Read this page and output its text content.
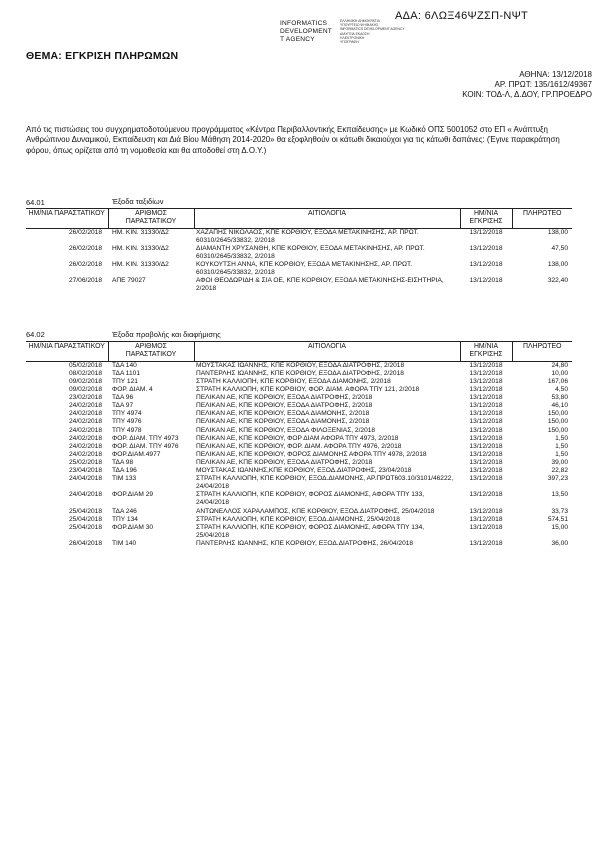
ΑΔΑ: 6ΛΩΞ46ΨΖΣΠ-ΝΨΤ
INFORMATICS
DEVELOPMENT
T AGENCY
ΕΛΛΗΝΙΚΗ ΔΗΜΟΚΡΑΤΙΑ
ΥΠΟΥΡΓΕΙΟ ΨΗΦΙΑΚΗΣ
INFORMATICS DEVELOPMENT AGENCY
ΔΙΑΥΓΕΙΑ ΕΚΔΟΣΗ
ΗΛΕΚΤΡΟΝΙΚΗ
ΥΠΟΓΡΑΦΗ
ΘΕΜΑ: ΕΓΚΡΙΣΗ ΠΛΗΡΩΜΩΝ
ΑΘΗΝΑ: 13/12/2018
ΑΡ. ΠΡΩΤ: 135/1612/49367
ΚΟΙΝ: ΤΟΔ-Λ, Δ.ΔΟΥ, ΓΡ.ΠΡΟΕΔΡΟ
Από τις πιστώσεις του συγχρηματοδοτούμενου προγράμματος «Κέντρα Περιβαλλοντικής Εκπαίδευσης» με Κωδικό ΟΠΣ 5001052 στο ΕΠ « Ανάπτυξη Ανθρώπινου Δυναμικού, Εκπαίδευση και Διά Βίου Μάθηση 2014-2020» θα εξοφληθούν οι κάτωθι δικαιούχοι για τις κάτωθι δαπάνες: (Έγινε παρακράτηση φόρου, όπως ορίζεται από τη νομοθεσία και θα αποδοθεί στη Δ.Ο.Υ.)
64.01	Έξοδα ταξιδίων
ΗΜ/ΝΙΑ ΠΑΡΑΣΤΑΤΙΚΟΥ	ΑΡΙΘΜΟΣ ΠΑΡΑΣΤΑΤΙΚΟΥ	ΑΙΤΙΟΛΟΓΙΑ	ΗΜ/ΝΙΑ ΕΓΚΡΙΣΗΣ	ΠΛΗΡΩΤΕΟ
26/02/2018	ΗΜ. ΚΙΝ. 31330/Δ2	ΧΑΖΑΠΗΣ ΝΙΚΟΛΑΟΣ, ΚΠΕ ΚΟΡΘΙΟΥ, ΕΞΟΔΑ ΜΕΤΑΚΙΝΗΣΗΣ, ΑΡ. ΠΡΩΤ. 60310/2645/33832, 2/2018	13/12/2018	138,00
26/02/2018	ΗΜ. ΚΙΝ. 31330/Δ2	ΔΙΑΜΑΝΤΗ ΧΡΥΣΑΝΘΗ, ΚΠΕ ΚΟΡΘΙΟΥ, ΕΞΟΔΑ ΜΕΤΑΚΙΝΗΣΗΣ, ΑΡ. ΠΡΩΤ. 60310/2645/33832, 2/2018	13/12/2018	47,50
26/02/2018	ΗΜ. ΚΙΝ. 31330/Δ2	ΚΟΥΚΟΥΤΣΗ ΑΝΝΑ, ΚΠΕ ΚΟΡΘΙΟΥ, ΕΞΟΔΑ ΜΕΤΑΚΙΝΗΣΗΣ, ΑΡ. ΠΡΩΤ. 60310/2645/33832, 2/2018	13/12/2018	138,00
27/06/2018	ΑΠΕ 79027	ΑΦΟΙ ΘΕΟΔΩΡΙΔΗ & ΣΙΑ ΟΕ, ΚΠΕ ΚΟΡΘΙΟΥ, ΕΞΟΔΑ ΜΕΤΑΚΙΝΗΣΗΣ-ΕΙΣΗΤΗΡΙΑ, 2/2018	13/12/2018	322,40
64.02	Έξοδα προβολής και διαφήμισης
ΗΜ/ΝΙΑ ΠΑΡΑΣΤΑΤΙΚΟΥ	ΑΡΙΘΜΟΣ ΠΑΡΑΣΤΑΤΙΚΟΥ	ΑΙΤΙΟΛΟΓΙΑ	ΗΜ/ΝΙΑ ΕΓΚΡΙΣΗΣ	ΠΛΗΡΩΤΕΟ
05/02/2018	ΤΔΑ 140	ΜΟΥΣΤΑΚΑΣ ΙΩΑΝΝΗΣ, ΚΠΕ ΚΟΡΘΙΟΥ, ΕΞΟΔΑ ΔΙΑΤΡΟΦΗΣ, 2/2018	13/12/2018	24,80
08/02/2018	ΤΔΑ 1101	ΠΑΝΤΕΡΛΗΣ ΙΩΑΝΝΗΣ, ΚΠΕ ΚΟΡΘΙΟΥ, ΕΞΟΔΑ ΔΙΑΤΡΟΦΗΣ, 2/2018	13/12/2018	10,00
09/02/2018	ΤΠΥ 121	ΣΤΡΑΤΗ ΚΑΛΛΙΟΠΗ, ΚΠΕ ΚΟΡΘΙΟΥ, ΕΞΟΔΑ ΔΙΑΜΟΝΗΣ, 2/2018	13/12/2018	167,06
09/02/2018	ΦΟΡ. ΔΙΑΜ. 4	ΣΤΡΑΤΗ ΚΑΛΛΙΟΠΗ, ΚΠΕ ΚΟΡΘΙΟΥ, ΦΟΡ. ΔΙΑΜ. ΑΦΟΡΑ ΤΠΥ 121, 2/2018	13/12/2018	4,50
23/02/2018	ΤΔΑ 96	ΠΕΛΙΚΑΝ ΑΕ, ΚΠΕ ΚΟΡΘΙΟΥ, ΕΞΟΔΑ ΔΙΑΤΡΟΦΗΣ, 2/2018	13/12/2018	53,80
24/02/2018	ΤΔΑ 97	ΠΕΛΙΚΑΝ ΑΕ, ΚΠΕ ΚΟΡΘΙΟΥ, ΕΞΟΔΑ ΔΙΑΤΡΟΦΗΣ, 2/2018	13/12/2018	46,10
24/02/2018	ΤΠΥ 4974	ΠΕΛΙΚΑΝ ΑΕ, ΚΠΕ ΚΟΡΘΙΟΥ, ΕΞΟΔΑ ΔΙΑΜΟΝΗΣ, 2/2018	13/12/2018	150,00
24/02/2018	ΤΠΥ 4976	ΠΕΛΙΚΑΝ ΑΕ, ΚΠΕ ΚΟΡΘΙΟΥ, ΕΞΟΔΑ ΔΙΑΜΟΝΗΣ, 2/2018	13/12/2018	150,00
24/02/2018	ΤΠΥ 4978	ΠΕΛΙΚΑΝ ΑΕ, ΚΠΕ ΚΟΡΘΙΟΥ, ΕΞΟΔΑ ΦΙΛΟΞΕΝΙΑΣ, 2/2018	13/12/2018	150,00
24/02/2018	ΦΟΡ. ΔΙΑΜ. ΤΠΥ 4973	ΠΕΛΙΚΑΝ ΑΕ, ΚΠΕ ΚΟΡΘΙΟΥ, ΦΟΡ ΔΙΑΜ ΑΦΟΡΑ ΤΠΥ 4973, 2/2018	13/12/2018	1,50
24/02/2018	ΦΟΡ. ΔΙΑΜ. ΤΠΥ 4976	ΠΕΛΙΚΑΝ ΑΕ, ΚΠΕ ΚΟΡΘΙΟΥ, ΦΟΡ. ΔΙΑΜ. ΑΦΟΡΑ ΤΠΥ 4976, 2/2018	13/12/2018	1,50
24/02/2018	ΦΟΡ.ΔΙΑΜ.4977	ΠΕΛΙΚΑΝ ΑΕ, ΚΠΕ ΚΟΡΘΙΟΥ, ΦΟΡΟΣ ΔΙΑΜΟΝΗΣ ΑΦΟΡΑ ΤΠΥ 4978, 2/2018	13/12/2018	1,50
25/02/2018	ΤΔΑ 98	ΠΕΛΙΚΑΝ ΑΕ, ΚΠΕ ΚΟΡΘΙΟΥ, ΕΞΟΔΑ ΔΙΑΤΡΟΦΗΣ, 2/2018	13/12/2018	39,00
23/04/2018	ΤΔΑ 196	ΜΟΥΣΤΑΚΑΣ ΙΩΑΝΝΗΣ,ΚΠΕ ΚΟΡΘΙΟΥ, ΕΞΟΔ.ΔΙΑΤΡΟΦΗΣ, 23/04/2018	13/12/2018	22,82
24/04/2018	ΤΙΜ 133	ΣΤΡΑΤΗ ΚΑΛΛΙΟΠΗ, ΚΠΕ ΚΟΡΘΙΟΥ, ΕΞΟΔ.ΔΙΑΜΟΝΗΣ, ΑΡ.ΠΡΩΤ603.10/3101/46222, 24/04/2018	13/12/2018	397,23
24/04/2018	ΦΟΡ.ΔΙΑΜ 29	ΣΤΡΑΤΗ ΚΑΛΛΙΟΠΗ, ΚΠΕ ΚΟΡΘΙΟΥ, ΦΟΡΟΣ ΔΙΑΜΟΝΗΣ, ΑΦΟΡΑ ΤΠΥ 133, 24/04/2018	13/12/2018	13,50
25/04/2018	ΤΔΑ 246	ΑΝΤΩΝΕΛΛΟΣ ΧΑΡΑΛΑΜΠΟΣ, ΚΠΕ ΚΟΡΘΙΟΥ, ΕΞΟΔ.ΔΙΑΤΡΟΦΗΣ, 25/04/2018	13/12/2018	33,73
25/04/2018	ΤΠΥ 134	ΣΤΡΑΤΗ ΚΑΛΛΙΟΠΗ, ΚΠΕ ΚΟΡΘΙΟΥ, ΕΞΟΔ.ΔΙΑΜΟΝΗΣ, 25/04/2018	13/12/2018	574,51
25/04/2018	ΦΟΡ.ΔΙΑΜ 30	ΣΤΡΑΤΗ ΚΑΛΛΙΟΠΗ, ΚΠΕ ΚΟΡΘΙΟΥ, ΦΟΡΟΣ ΔΙΑΜΟΝΗΣ, ΑΦΟΡΑ ΤΠΥ 134, 25/04/2018	13/12/2018	15,00
26/04/2018	ΤΙΜ 140	ΠΑΝΤΕΡΛΗΣ ΙΩΑΝΝΗΣ, ΚΠΕ ΚΟΡΘΙΟΥ, ΕΞΟΔ.ΔΙΑΤΡΟΦΗΣ, 26/04/2018	13/12/2018	36,00
